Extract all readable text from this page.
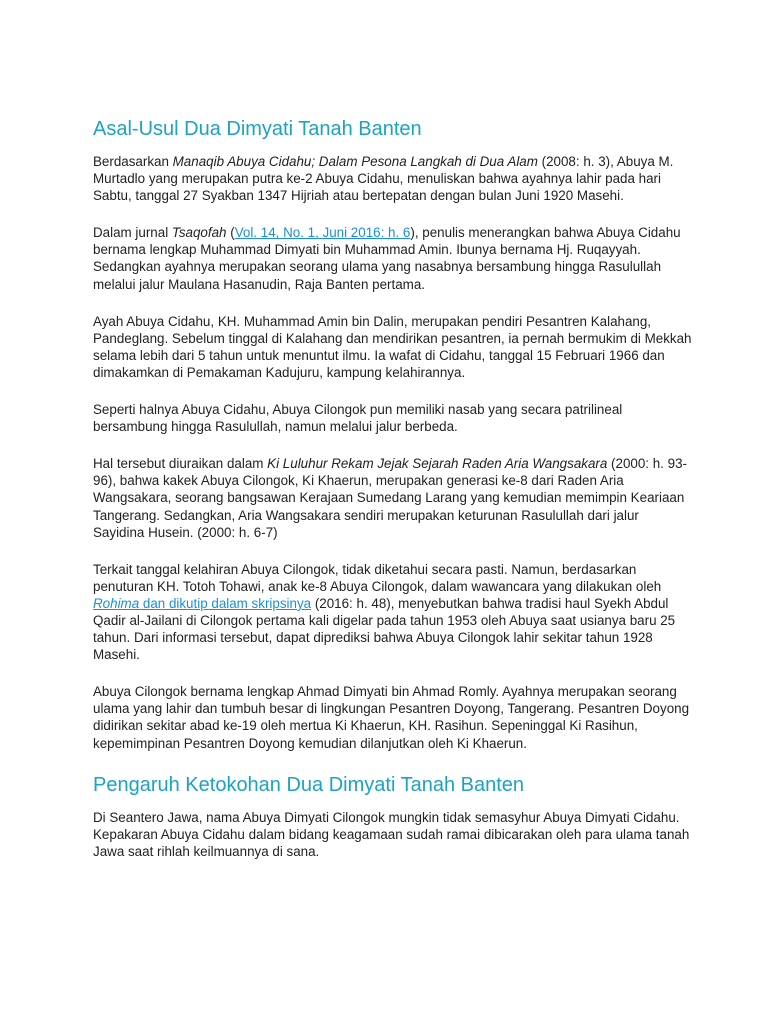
Asal-Usul Dua Dimyati Tanah Banten

Berdasarkan Manaqib Abuya Cidahu; Dalam Pesona Langkah di Dua Alam (2008: h. 3), Abuya M. Murtadlo yang merupakan putra ke-2 Abuya Cidahu, menuliskan bahwa ayahnya lahir pada hari Sabtu, tanggal 27 Syakban 1347 Hijriah atau bertepatan dengan bulan Juni 1920 Masehi.

Dalam jurnal Tsaqofah (Vol. 14, No. 1, Juni 2016: h. 6), penulis menerangkan bahwa Abuya Cidahu bernama lengkap Muhammad Dimyati bin Muhammad Amin. Ibunya bernama Hj. Ruqayyah. Sedangkan ayahnya merupakan seorang ulama yang nasabnya bersambung hingga Rasulullah melalui jalur Maulana Hasanudin, Raja Banten pertama.

Ayah Abuya Cidahu, KH. Muhammad Amin bin Dalin, merupakan pendiri Pesantren Kalahang, Pandeglang. Sebelum tinggal di Kalahang dan mendirikan pesantren, ia pernah bermukim di Mekkah selama lebih dari 5 tahun untuk menuntut ilmu. Ia wafat di Cidahu, tanggal 15 Februari 1966 dan dimakamkan di Pemakaman Kadujuru, kampung kelahirannya.

Seperti halnya Abuya Cidahu, Abuya Cilongok pun memiliki nasab yang secara patrilineal bersambung hingga Rasulullah, namun melalui jalur berbeda.

Hal tersebut diuraikan dalam Ki Luluhur Rekam Jejak Sejarah Raden Aria Wangsakara (2000: h. 93-96), bahwa kakek Abuya Cilongok, Ki Khaerun, merupakan generasi ke-8 dari Raden Aria Wangsakara, seorang bangsawan Kerajaan Sumedang Larang yang kemudian memimpin Keariaan Tangerang. Sedangkan, Aria Wangsakara sendiri merupakan keturunan Rasulullah dari jalur Sayidina Husein. (2000: h. 6-7)

Terkait tanggal kelahiran Abuya Cilongok, tidak diketahui secara pasti. Namun, berdasarkan penuturan KH. Totoh Tohawi, anak ke-8 Abuya Cilongok, dalam wawancara yang dilakukan oleh Rohima dan dikutip dalam skripsinya (2016: h. 48), menyebutkan bahwa tradisi haul Syekh Abdul Qadir al-Jailani di Cilongok pertama kali digelar pada tahun 1953 oleh Abuya saat usianya baru 25 tahun. Dari informasi tersebut, dapat diprediksi bahwa Abuya Cilongok lahir sekitar tahun 1928 Masehi.

Abuya Cilongok bernama lengkap Ahmad Dimyati bin Ahmad Romly. Ayahnya merupakan seorang ulama yang lahir dan tumbuh besar di lingkungan Pesantren Doyong, Tangerang. Pesantren Doyong didirikan sekitar abad ke-19 oleh mertua Ki Khaerun, KH. Rasihun. Sepeninggal Ki Rasihun, kepemimpinan Pesantren Doyong kemudian dilanjutkan oleh Ki Khaerun.

Pengaruh Ketokohan Dua Dimyati Tanah Banten

Di Seantero Jawa, nama Abuya Dimyati Cilongok mungkin tidak semasyhur Abuya Dimyati Cidahu. Kepakaran Abuya Cidahu dalam bidang keagamaan sudah ramai dibicarakan oleh para ulama tanah Jawa saat rihlah keilmuannya di sana.
